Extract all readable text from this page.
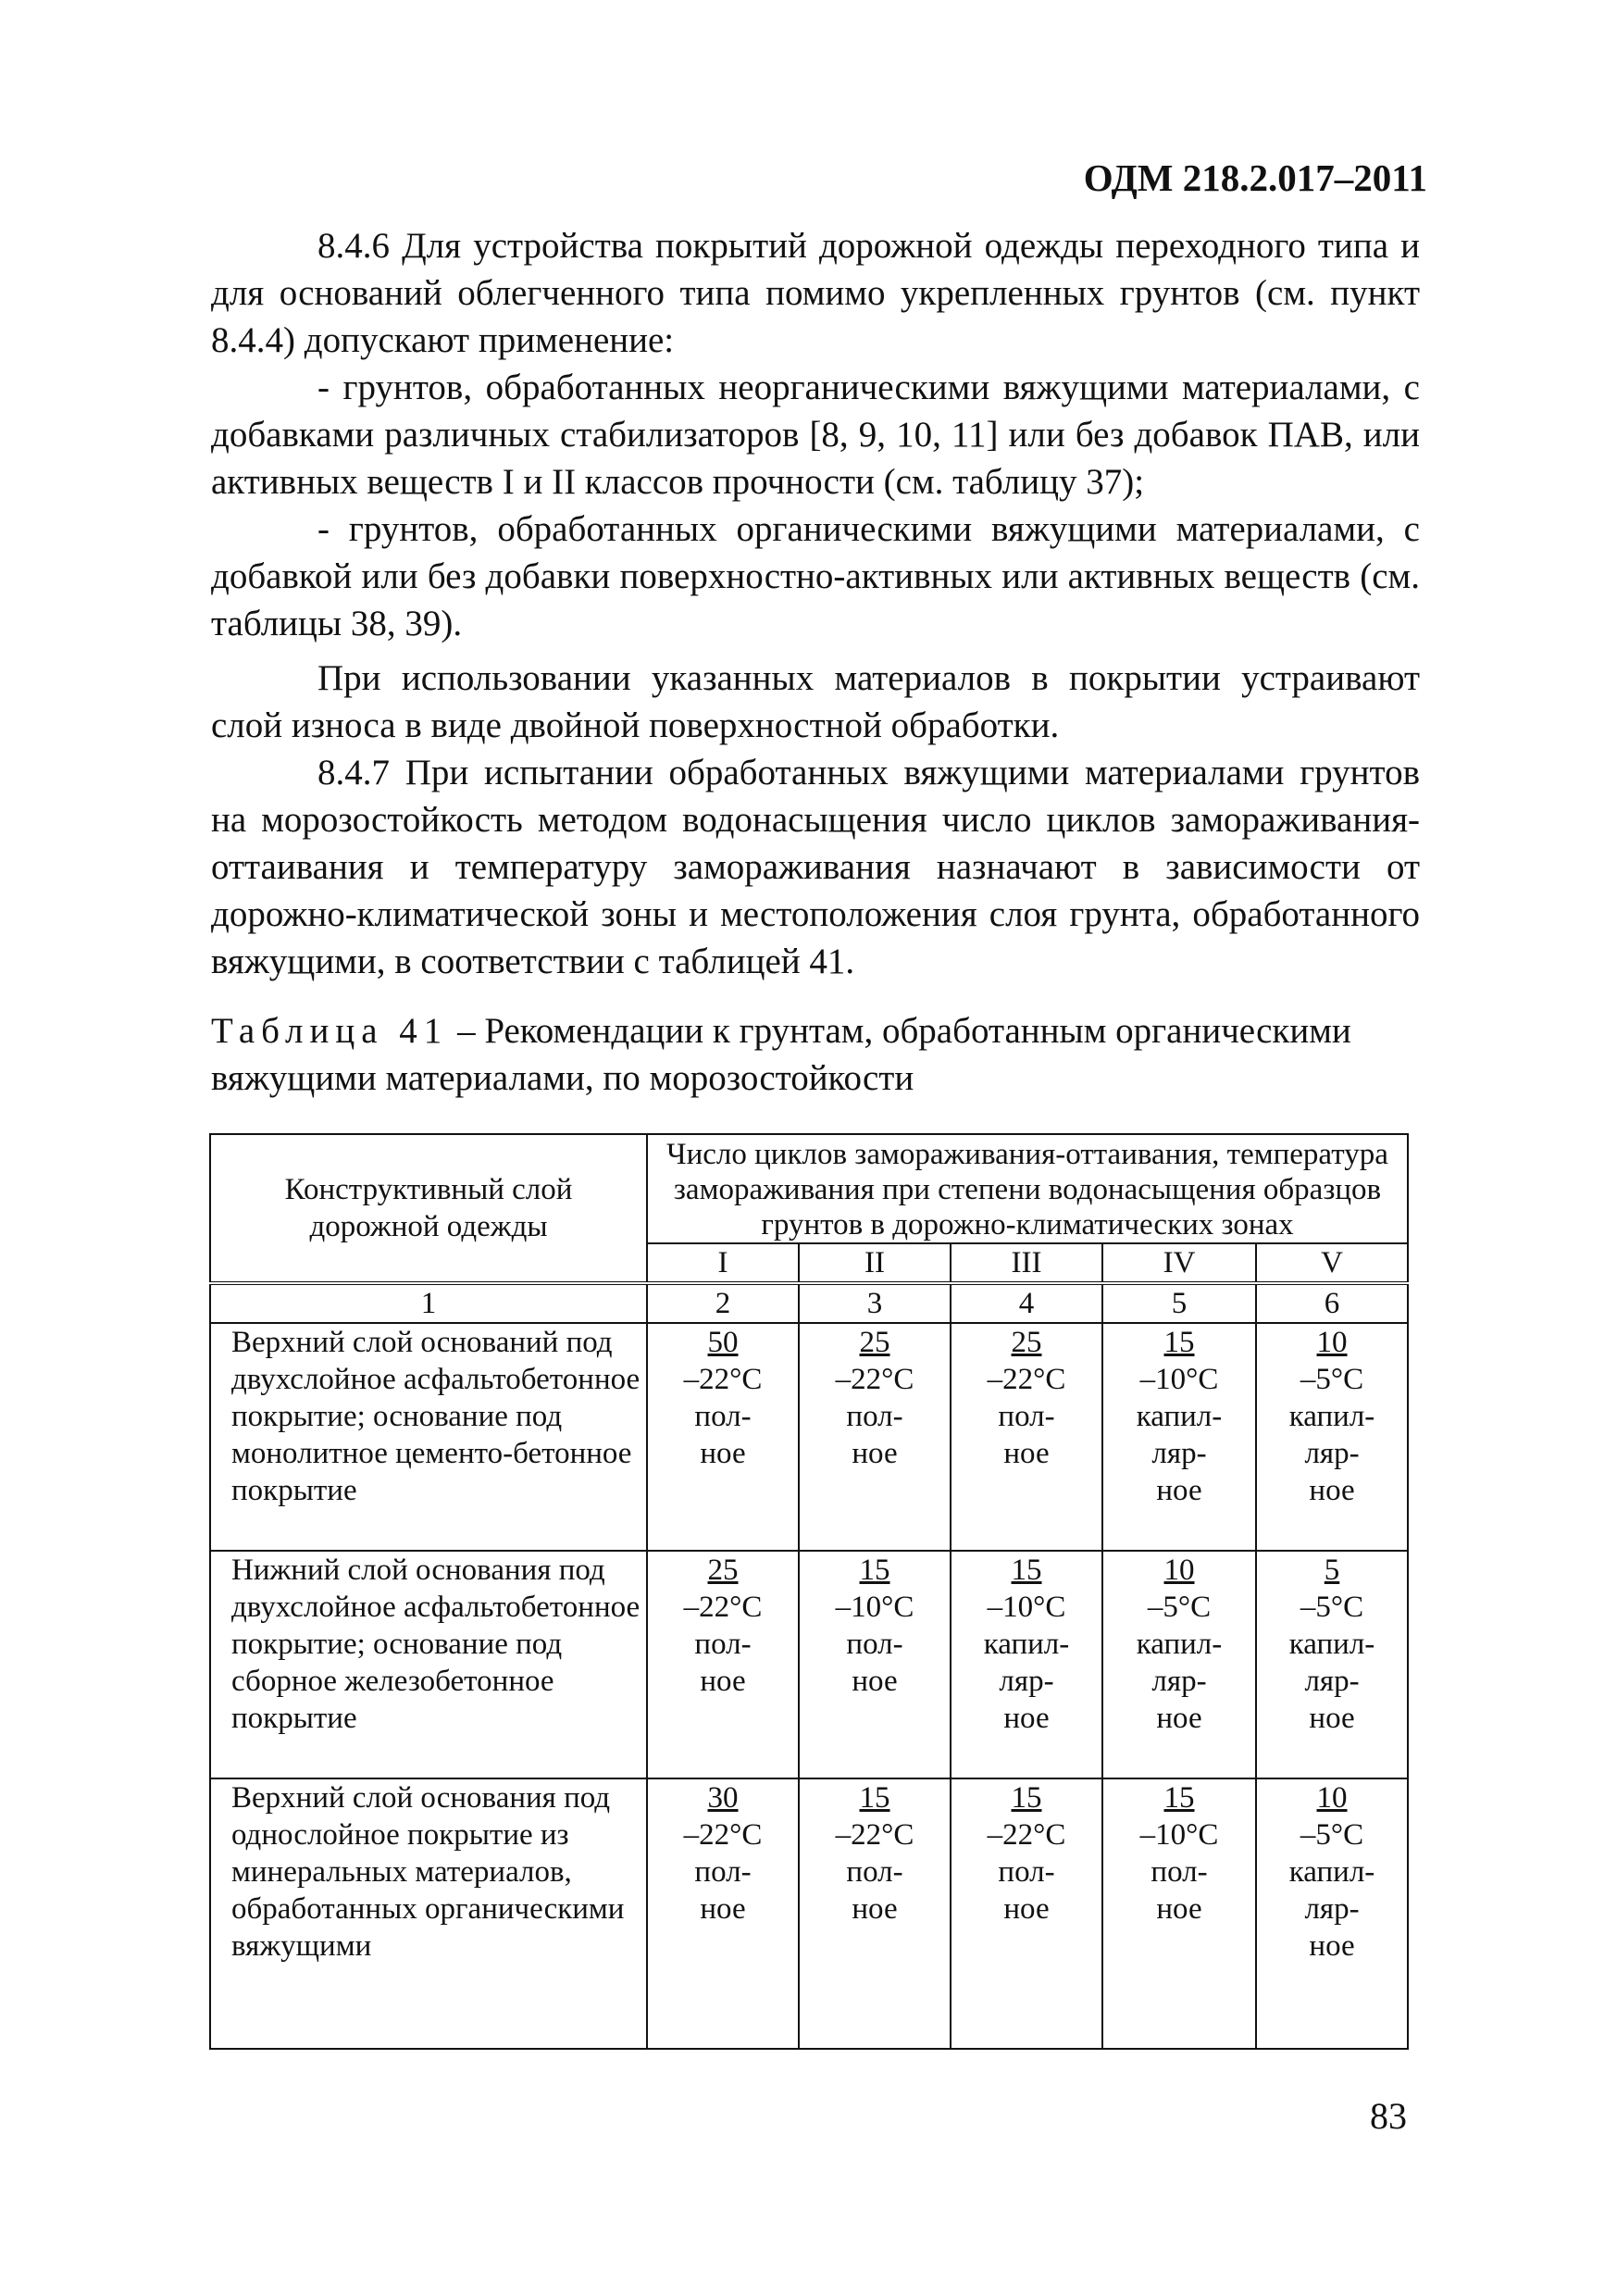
ОДМ 218.2.017–2011

8.4.6 Для устройства покрытий дорожной одежды переходного типа и для оснований облегченного типа помимо укрепленных грунтов (см. пункт 8.4.4) допускают применение:

- грунтов, обработанных неорганическими вяжущими материалами, с добавками различных стабилизаторов [8, 9, 10, 11] или без добавок ПАВ, или активных веществ I и II классов прочности (см. таблицу 37);

- грунтов, обработанных органическими вяжущими материалами, с добавкой или без добавки поверхностно-активных или активных веществ (см. таблицы 38, 39).

При использовании указанных материалов в покрытии устраивают слой износа в виде двойной поверхностной обработки.

8.4.7 При испытании обработанных вяжущими материалами грунтов на морозостойкость методом водонасыщения число циклов замораживания-оттаивания и температуру замораживания назначают в зависимости от дорожно-климатической зоны и местоположения слоя грунта, обработанного вяжущими, в соответствии с таблицей 41.

Таблица 41 – Рекомендации к грунтам, обработанным органическими вяжущими материалами, по морозостойкости
Конструктивный слой дорожной одежды	Число циклов замораживания-оттаивания, температура замораживания при степени водонасыщения образцов грунтов в дорожно-климатических зонах				
	I	II	III	IV	V
1	2	3	4	5	6
Верхний слой оснований под двухслойное асфальтобетонное покрытие; основание под монолитное цементо-бетонное покрытие	50
–22°С
пол-
ное	25
–22°С
пол-
ное	25
–22°С
пол-
ное	15
–10°С
капил-
ляр-
ное	10
–5°С
капил-
ляр-
ное

Нижний слой основания под двухслойное асфальтобетонное покрытие; основание под сборное железобетонное покрытие	25
–22°С
пол-
ное	15
–10°С
пол-
ное	15
–10°С
капил-
ляр-
ное	10
–5°С
капил-
ляр-
ное	5
–5°С
капил-
ляр-
ное

Верхний слой основания под однослойное покрытие из минеральных материалов, обработанных органическими вяжущими	30
–22°С
пол-
ное	15
–22°С
пол-
ное	15
–22°С
пол-
ное	15
–10°С
пол-
ное	10
–5°С
капил-
ляр-
ное
83
